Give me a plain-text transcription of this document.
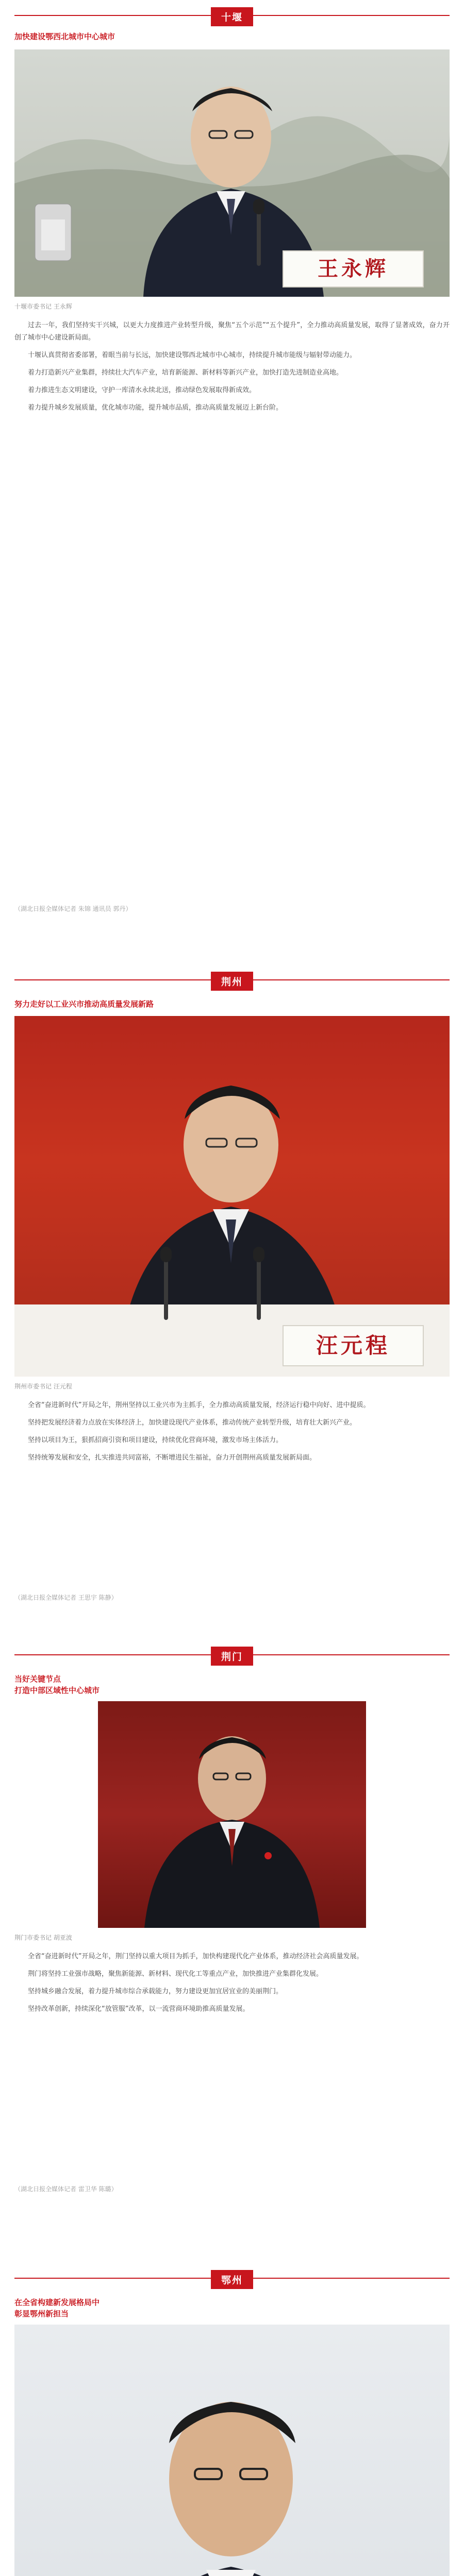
十堰
加快建设鄂西北城市中心城市
王永辉
十堰市委书记 王永辉

过去一年，我们坚持实干兴城，以更大力度推进产业转型升级，聚焦“五个示范”“五个提升”，全力推动高质量发展，取得了显著成效，奋力开创了城市中心建设新局面。

十堰认真贯彻省委部署，着眼当前与长远，加快建设鄂西北城市中心城市，持续提升城市能级与辐射带动能力。

着力打造新兴产业集群，持续壮大汽车产业，培育新能源、新材料等新兴产业，加快打造先进制造业高地。

着力推进生态文明建设，守护一库清水永续北送，推动绿色发展取得新成效。

着力提升城乡发展质量，优化城市功能，提升城市品质，推动高质量发展迈上新台阶。

（湖北日报全媒体记者 朱锦 通讯员 郭丹）
荆州
努力走好以工业兴市推动高质量发展新路
汪元程
荆州市委书记 汪元程

全省“奋进新时代”开局之年，荆州坚持以工业兴市为主抓手，全力推动高质量发展，经济运行稳中向好、进中提质。

坚持把发展经济着力点放在实体经济上，加快建设现代产业体系，推动传统产业转型升级，培育壮大新兴产业。

坚持以项目为王，狠抓招商引资和项目建设，持续优化营商环境，激发市场主体活力。

坚持统筹发展和安全，扎实推进共同富裕，不断增进民生福祉，奋力开创荆州高质量发展新局面。

（湖北日报全媒体记者 王思宇 陈静）
荆门
当好关键节点
打造中部区域性中心城市
荆门市委书记 胡亚波

全省“奋进新时代”开局之年，荆门坚持以重大项目为抓手，加快构建现代化产业体系，推动经济社会高质量发展。

荆门将坚持工业强市战略，聚焦新能源、新材料、现代化工等重点产业，加快推进产业集群化发展。

坚持城乡融合发展，着力提升城市综合承载能力，努力建设更加宜居宜业的美丽荆门。

坚持改革创新，持续深化“放管服”改革，以一流营商环境助推高质量发展。

（湖北日报全媒体记者 雷卫华 陈璐）
鄂州
在全省构建新发展格局中
彰显鄂州新担当
